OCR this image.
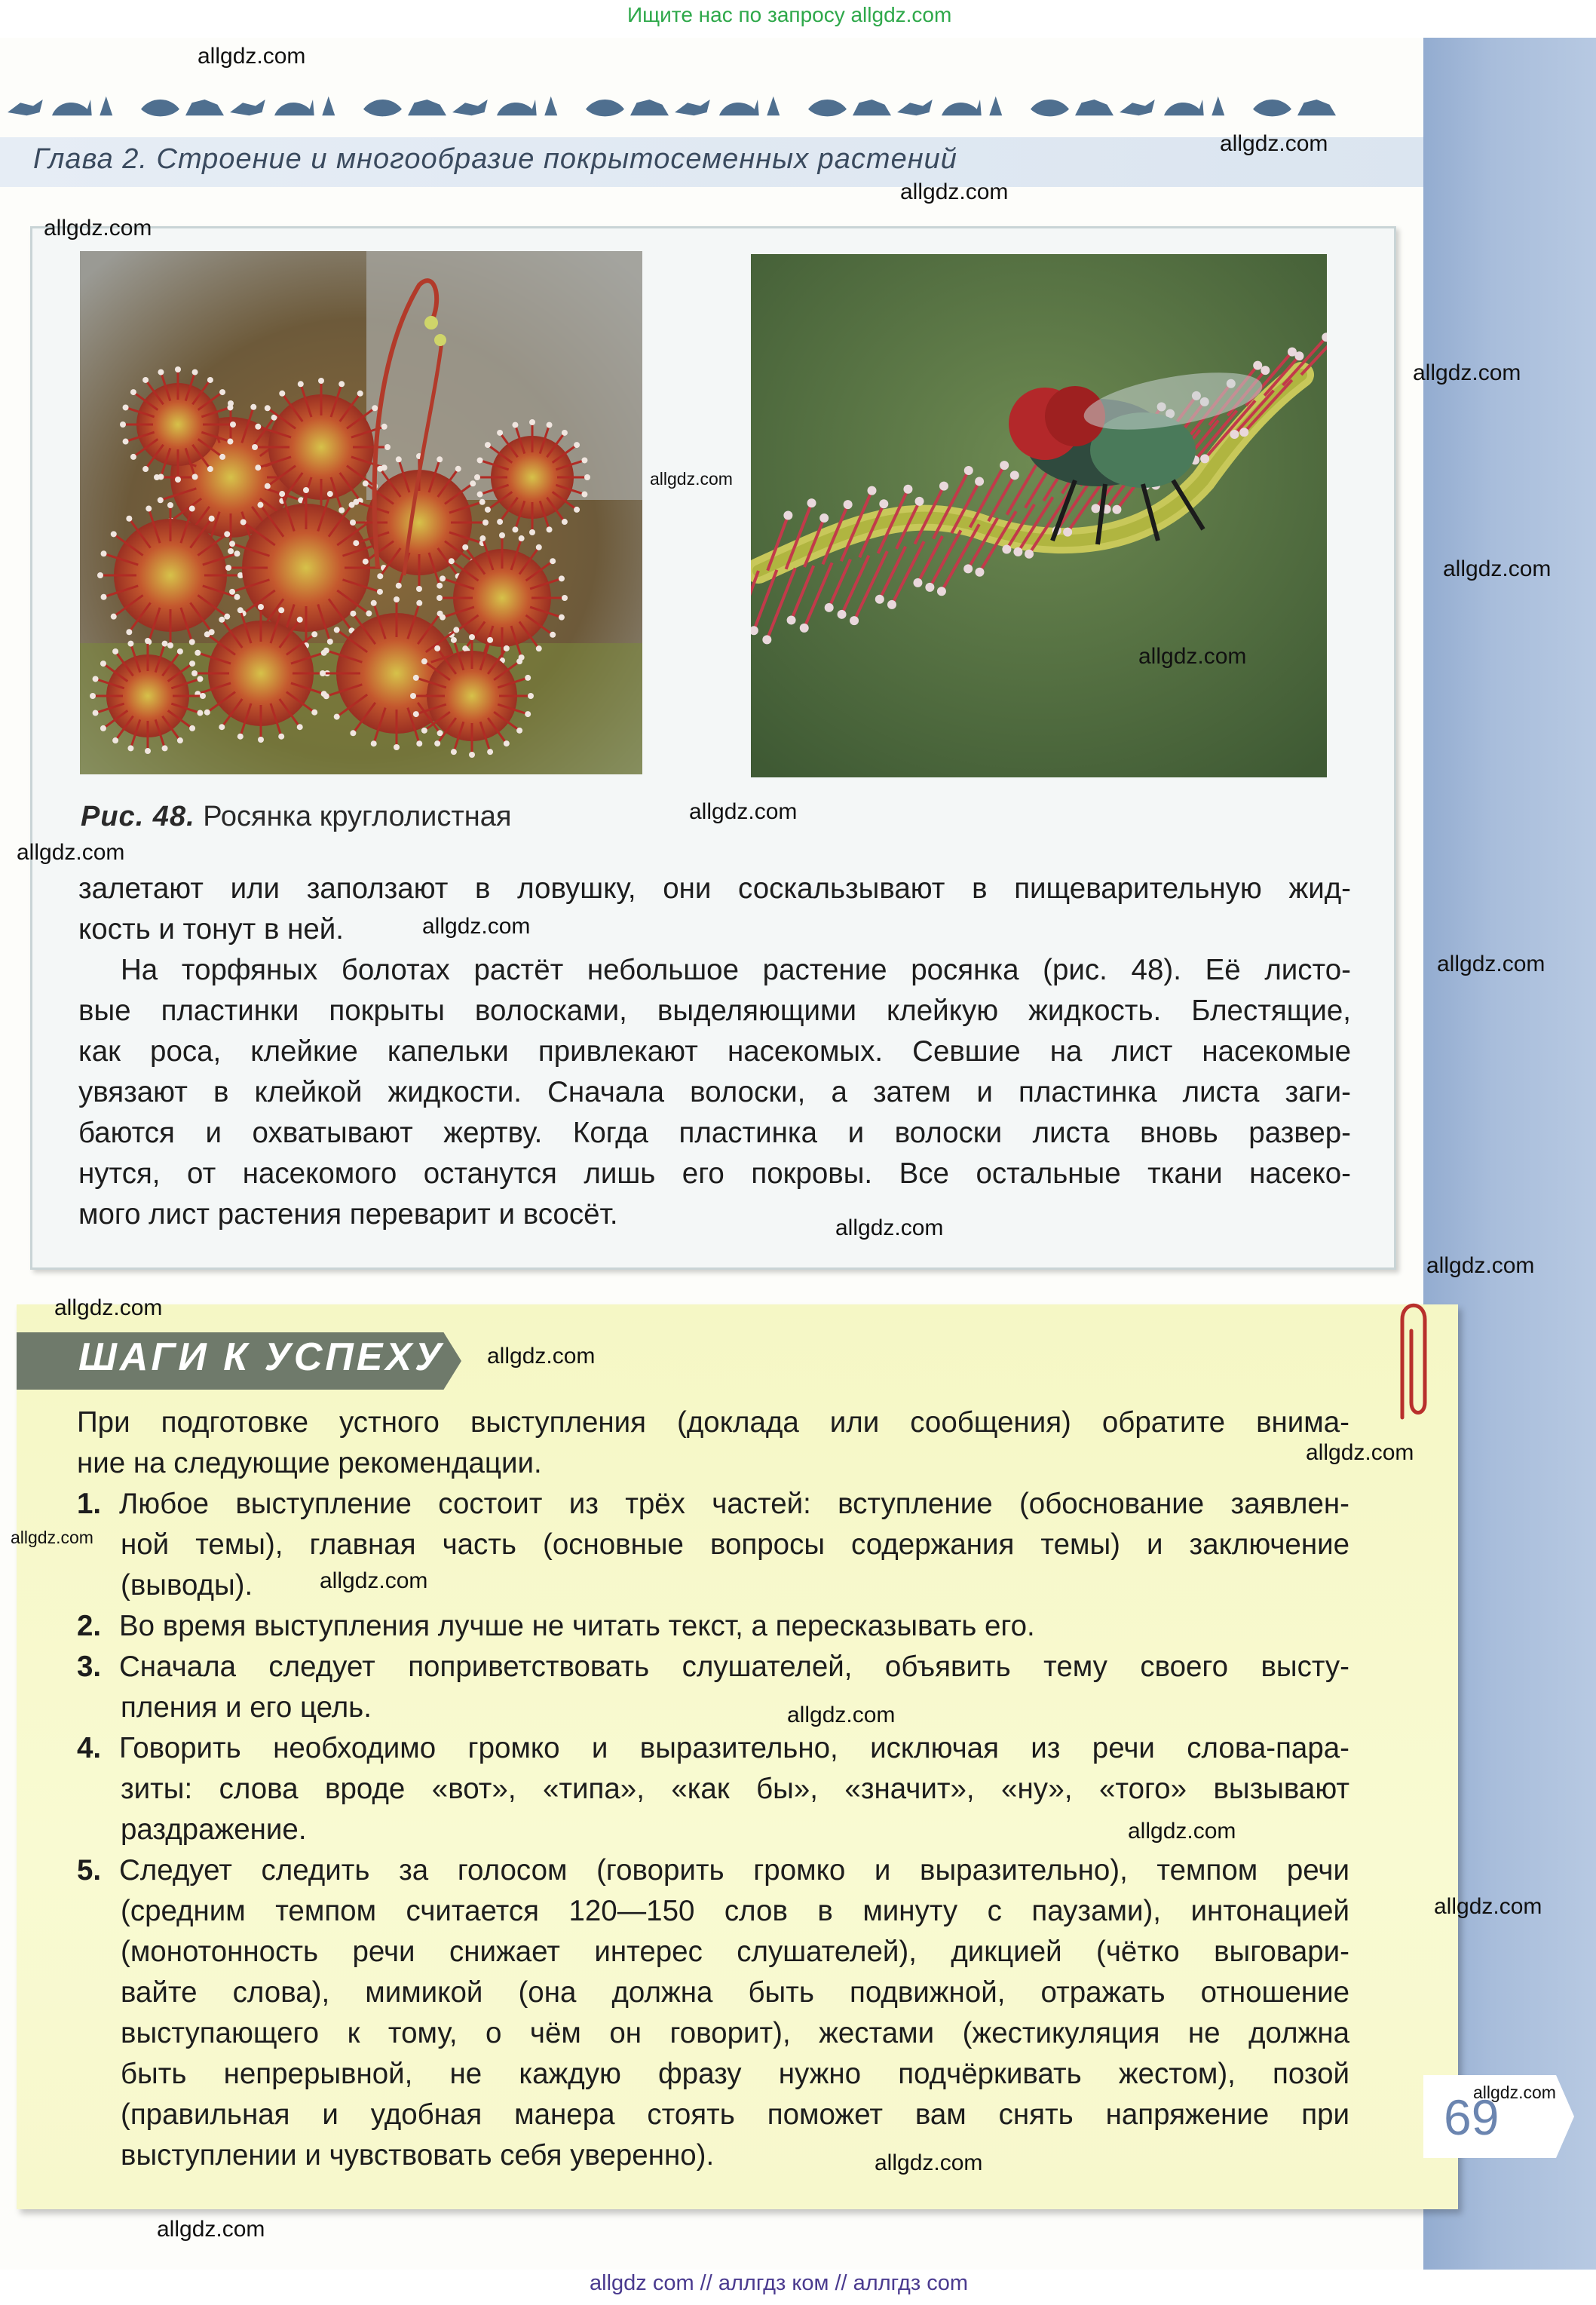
Ищите нас по запросу allgdz.com
Глава 2. Строение и многообразие покрытосеменных растений
Рис. 48. Росянка круглолистная
залетают или заползают в ловушку, они соскальзывают в пищеварительную жид-
кость и тонут в ней.
На торфяных болотах растёт небольшое растение росянка (рис. 48). Её листо-
вые пластинки покрыты волосками, выделяющими клейкую жидкость. Блестящие,
как роса, клейкие капельки привлекают насекомых. Севшие на лист насекомые
увязают в клейкой жидкости. Сначала волоски, а затем и пластинка листа заги-
баются и охватывают жертву. Когда пластинка и волоски листа вновь развер-
нутся, от насекомого останутся лишь его покровы. Все остальные ткани насеко-
мого лист растения переварит и всосёт.
ШАГИ К УСПЕХУ
При подготовке устного выступления (доклада или сообщения) обратите внима-
ние на следующие рекомендации.
1. Любое выступление состоит из трёх частей: вступление (обоснование заявлен-
ной темы), главная часть (основные вопросы содержания темы) и заключение
(выводы).
2. Во время выступления лучше не читать текст, а пересказывать его.
3. Сначала следует поприветствовать слушателей, объявить тему своего высту-
пления и его цель.
4. Говорить необходимо громко и выразительно, исключая из речи слова-пара-
зиты: слова вроде «вот», «типа», «как бы», «значит», «ну», «того» вызывают
раздражение.
5. Следует следить за голосом (говорить громко и выразительно), темпом речи
(средним темпом считается 120—150 слов в минуту с паузами), интонацией
(монотонность речи снижает интерес слушателей), дикцией (чётко выговари-
вайте слова), мимикой (она должна быть подвижной, отражать отношение
выступающего к тому, о чём он говорит), жестами (жестикуляция не должна
быть непрерывной, не каждую фразу нужно подчёркивать жестом), позой
(правильная и удобная манера стоять поможет вам снять напряжение при
выступлении и чувствовать себя уверенно).
69
allgdz.com
allgdz.com
allgdz.com
allgdz.com
allgdz.com
allgdz.com
allgdz.com
allgdz.com
allgdz.com
allgdz.com
allgdz.com
allgdz.com
allgdz.com
allgdz.com
allgdz.com
allgdz.com
allgdz.com
allgdz.com
allgdz.com
allgdz.com
allgdz.com
allgdz.com
allgdz.com
allgdz.com
allgdz.com
allgdz com // аллгдз ком // аллгдз com
